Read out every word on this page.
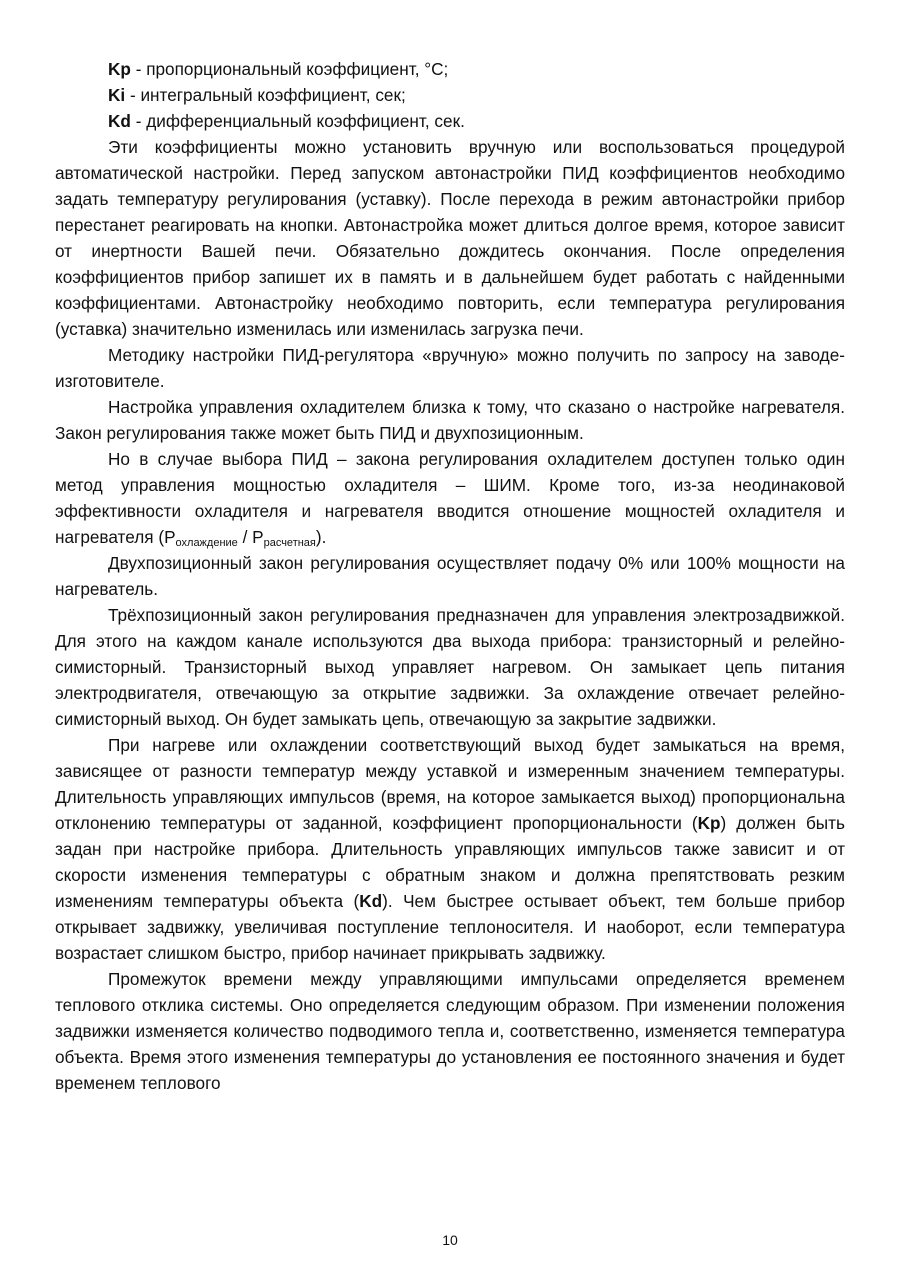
Kp - пропорциональный коэффициент, °С;

Ki - интегральный коэффициент, сек;

Kd - дифференциальный коэффициент, сек.

Эти коэффициенты можно установить вручную или воспользоваться процедурой автоматической настройки. Перед запуском автонастройки ПИД коэффициентов необходимо задать температуру регулирования (уставку). После перехода в режим автонастройки прибор перестанет реагировать на кнопки. Автонастройка может длиться долгое время, которое зависит от инертности Вашей печи. Обязательно дождитесь окончания. После определения коэффициентов прибор запишет их в память и в дальнейшем будет работать с найденными коэффициентами. Автонастройку необходимо повторить, если температура регулирования (уставка) значительно изменилась или изменилась загрузка печи.

Методику настройки ПИД-регулятора «вручную» можно получить по запросу на заводе-изготовителе.

Настройка управления охладителем близка к тому, что сказано о настройке нагревателя. Закон регулирования также может быть ПИД и двухпозиционным.

Но в случае выбора ПИД – закона регулирования охладителем доступен только один метод управления мощностью охладителя – ШИМ. Кроме того, из-за неодинаковой эффективности охладителя и нагревателя вводится отношение мощностей охладителя и нагревателя $(P_{охлаждение} / P_{расчетная})$.

Двухпозиционный закон регулирования осуществляет подачу 0% или 100% мощности на нагреватель.

Трёхпозиционный закон регулирования предназначен для управления электрозадвижкой. Для этого на каждом канале используются два выхода прибора: транзисторный и релейно-симисторный. Транзисторный выход управляет нагревом. Он замыкает цепь питания электродвигателя, отвечающую за открытие задвижки. За охлаждение отвечает релейно-симисторный выход. Он будет замыкать цепь, отвечающую за закрытие задвижки.

При нагреве или охлаждении соответствующий выход будет замыкаться на время, зависящее от разности температур между уставкой и измеренным значением температуры. Длительность управляющих импульсов (время, на которое замыкается выход) пропорциональна отклонению температуры от заданной, коэффициент пропорциональности (Kp) должен быть задан при настройке прибора. Длительность управляющих импульсов также зависит и от скорости изменения температуры с обратным знаком и должна препятствовать резким изменениям температуры объекта (Kd). Чем быстрее остывает объект, тем больше прибор открывает задвижку, увеличивая поступление теплоносителя. И наоборот, если температура возрастает слишком быстро, прибор начинает прикрывать задвижку.

Промежуток времени между управляющими импульсами определяется временем теплового отклика системы. Оно определяется следующим образом. При изменении положения задвижки изменяется количество подводимого тепла и, соответственно, изменяется температура объекта. Время этого изменения температуры до установления ее постоянного значения и будет временем теплового

10
